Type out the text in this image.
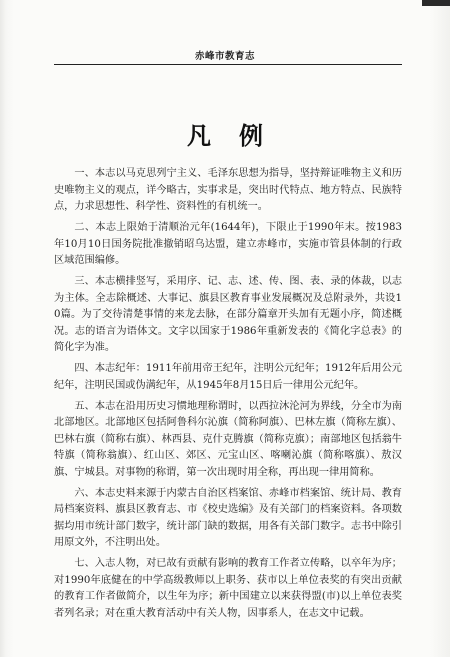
赤峰市教育志
凡例

一、本志以马克思列宁主义、毛泽东思想为指导，坚持辩证唯物主义和历史唯物主义的观点，详今略古，实事求是，突出时代特点、地方特点、民族特点，力求思想性、科学性、资料性的有机统一。

二、本志上限始于清顺治元年(1644年)，下限止于1990年末。按1983年10月10日国务院批准撤销昭乌达盟，建立赤峰市，实施市管县体制的行政区域范围编修。

三、本志横排竖写，采用序、记、志、述、传、图、表、录的体裁，以志为主体。全志除概述、大事记、旗县区教育事业发展概况及总附录外，共设10篇。为了交待清楚事情的来龙去脉，在部分篇章开头加有无题小序，简述概况。志的语言为语体文。文字以国家于1986年重新发表的《简化字总表》的简化字为准。

四、本志纪年：1911年前用帝王纪年，注明公元纪年；1912年后用公元纪年，注明民国或伪满纪年，从1945年8月15日后一律用公元纪年。

五、本志在沿用历史习惯地理称谓时，以西拉沐沦河为界线，分全市为南北部地区。北部地区包括阿鲁科尔沁旗（简称阿旗）、巴林左旗（简称左旗）、巴林右旗（简称右旗）、林西县、克什克腾旗（简称克旗）；南部地区包括翁牛特旗（简称翁旗）、红山区、郊区、元宝山区、喀喇沁旗（简称喀旗）、敖汉旗、宁城县。对事物的称谓，第一次出现时用全称，再出现一律用简称。

六、本志史料来源于内蒙古自治区档案馆、赤峰市档案馆、统计局、教育局档案资料、旗县区教育志、市《校史选编》及有关部门的档案资料。各项数据均用市统计部门数字，统计部门缺的数据，用各有关部门数字。志书中除引用原文外，不注明出处。

七、入志人物，对已故有贡献有影响的教育工作者立传略，以卒年为序；对1990年底健在的中学高级教师以上职务、获市以上单位表奖的有突出贡献的教育工作者做简介，以生年为序；新中国建立以来获得盟(市)以上单位表奖者列名录；对在重大教育活动中有关人物，因事系人，在志文中记载。
